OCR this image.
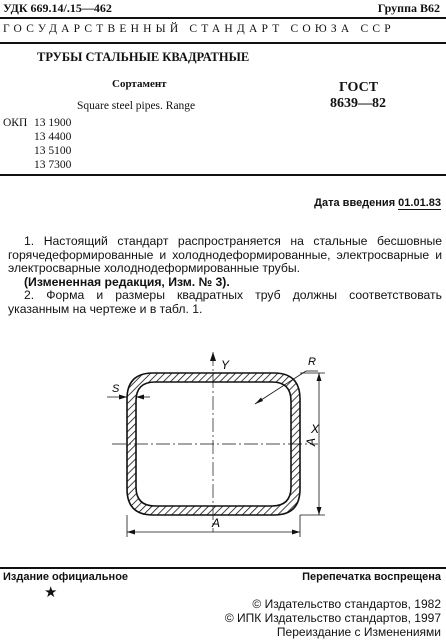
УДК 669.14/.15—462	Группа В62
ГОСУДАРСТВЕННЫЙ СТАНДАРТ СОЮЗА ССР
ТРУБЫ СТАЛЬНЫЕ КВАДРАТНЫЕ
Сортамент
Square steel pipes. Range
ГОСТ
8639—82
ОКП 13 1900
13 4400
13 5100
13 7300
Дата введения 01.01.83

1. Настоящий стандарт распространяется на стальные бесшовные горячедеформированные и холоднодеформированные, электросварные и электросварные холоднодеформированные трубы.

(Измененная редакция, Изм. № 3).

2. Форма и размеры квадратных труб должны соответствовать указанным на чертеже и в табл. 1.

Y
X
R
S
A
A
Издание официальное	Перепечатка воспрещена
★
© Издательство стандартов, 1982
© ИПК Издательство стандартов, 1997
Переиздание с Изменениями
